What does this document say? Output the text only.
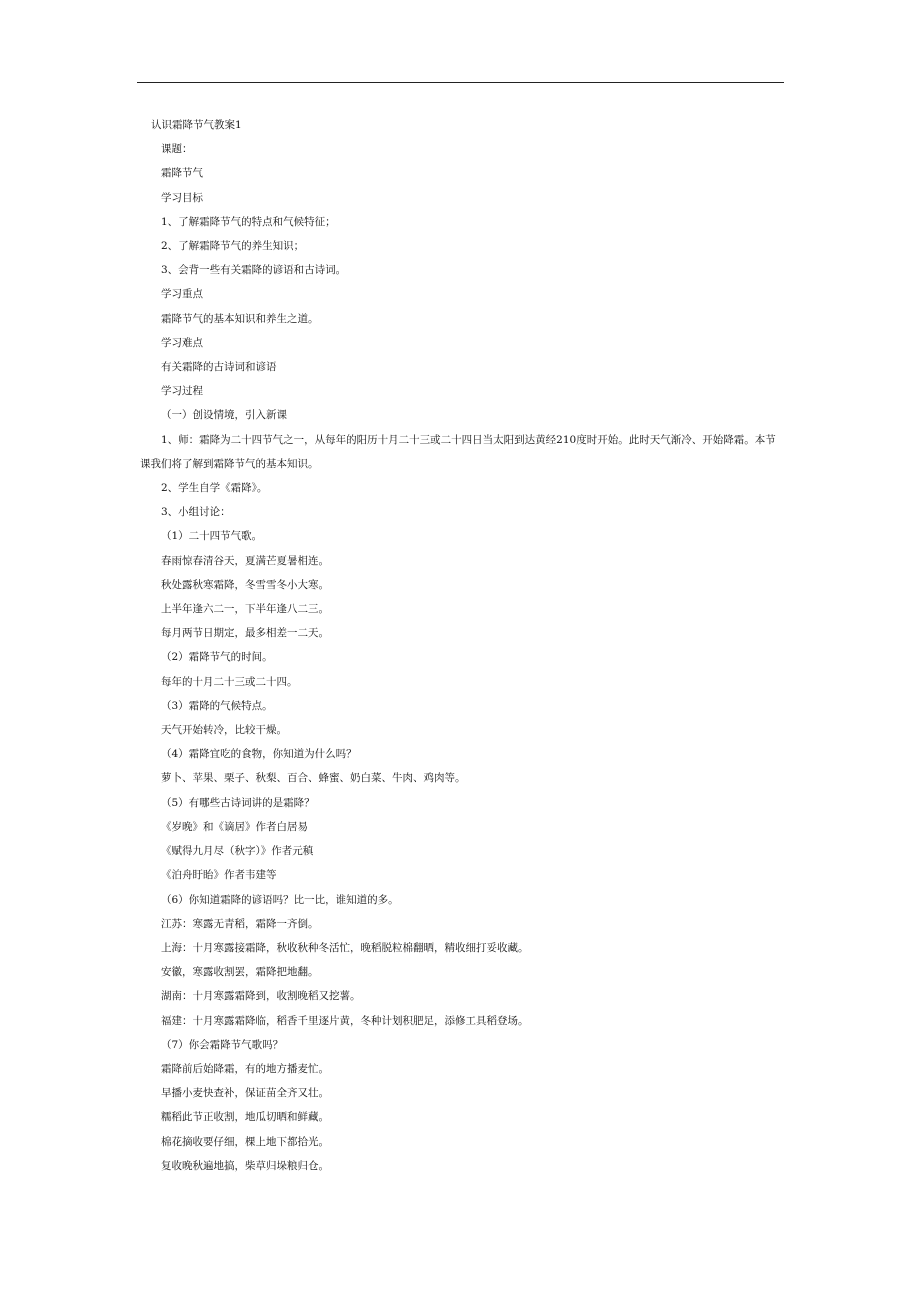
认识霜降节气教案1
课题：
霜降节气
学习目标
1、了解霜降节气的特点和气候特征；
2、了解霜降节气的养生知识；
3、会背一些有关霜降的谚语和古诗词。
学习重点
霜降节气的基本知识和养生之道。
学习难点
有关霜降的古诗词和谚语
学习过程
（一）创设情境，引入新课
1、师：霜降为二十四节气之一，从每年的阳历十月二十三或二十四日当太阳到达黄经210度时开始。此时天气渐冷、开始降霜。本节课我们将了解到霜降节气的基本知识。
2、学生自学《霜降》。
3、小组讨论：
（1）二十四节气歌。
春雨惊春清谷天，夏满芒夏暑相连。
秋处露秋寒霜降，冬雪雪冬小大寒。
上半年逢六二一，下半年逢八二三。
每月两节日期定，最多相差一二天。
（2）霜降节气的时间。
每年的十月二十三或二十四。
（3）霜降的气候特点。
天气开始转冷，比较干燥。
（4）霜降宜吃的食物，你知道为什么吗？
萝卜、苹果、栗子、秋梨、百合、蜂蜜、奶白菜、牛肉、鸡肉等。
（5）有哪些古诗词讲的是霜降？
《岁晚》和《谪居》作者白居易
《赋得九月尽（秋字）》作者元稹
《泊舟盱眙》作者韦建等
（6）你知道霜降的谚语吗？比一比，谁知道的多。
江苏：寒露无青稻，霜降一齐倒。
上海：十月寒露接霜降，秋收秋种冬活忙，晚稻脱粒棉翻晒，精收细打妥收藏。
安徽，寒露收割罢，霜降把地翻。
湖南：十月寒露霜降到，收割晚稻又挖薯。
福建：十月寒露霜降临，稻香千里逐片黄，冬种计划积肥足，添修工具稻登场。
（7）你会霜降节气歌吗？
霜降前后始降霜，有的地方播麦忙。
早播小麦快查补，保证苗全齐又壮。
糯稻此节正收割，地瓜切晒和鲜藏。
棉花摘收要仔细，棵上地下都拾光。
复收晚秋遍地搞，柴草归垛粮归仓。
